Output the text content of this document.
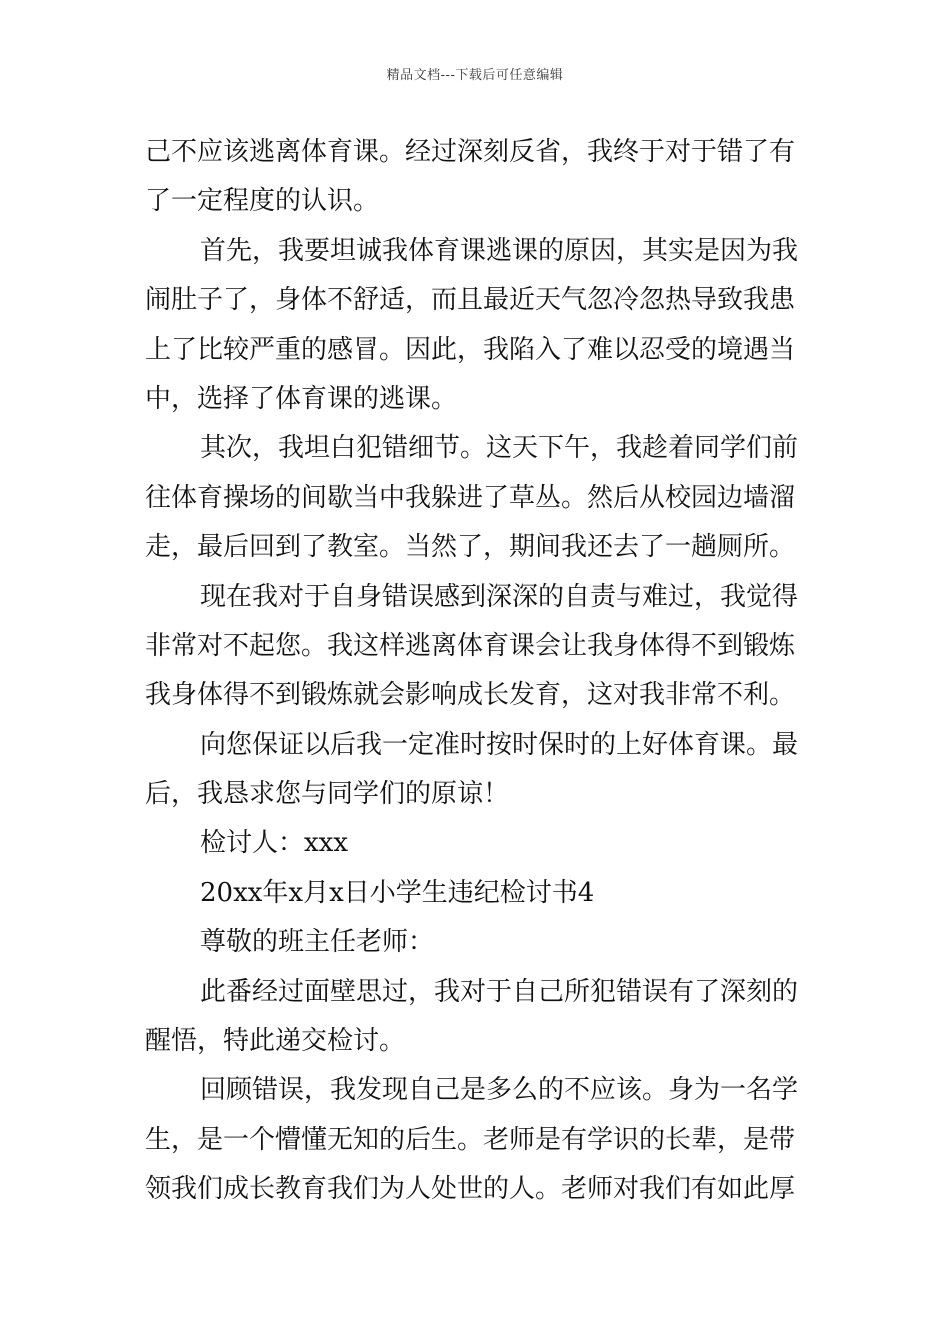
精品文档---下载后可任意编辑
己不应该逃离体育课。经过深刻反省，我终于对于错了有
了一定程度的认识。
首先，我要坦诚我体育课逃课的原因，其实是因为我
闹肚子了，身体不舒适，而且最近天气忽冷忽热导致我患
上了比较严重的感冒。因此，我陷入了难以忍受的境遇当
中，选择了体育课的逃课。
其次，我坦白犯错细节。这天下午，我趁着同学们前
往体育操场的间歇当中我躲进了草丛。然后从校园边墙溜
走，最后回到了教室。当然了，期间我还去了一趟厕所。
现在我对于自身错误感到深深的自责与难过，我觉得
非常对不起您。我这样逃离体育课会让我身体得不到锻炼
我身体得不到锻炼就会影响成长发育，这对我非常不利。
向您保证以后我一定准时按时保时的上好体育课。最
后，我恳求您与同学们的原谅！
检讨人：xxx
20xx年x月x日小学生违纪检讨书4
尊敬的班主任老师：
此番经过面壁思过，我对于自己所犯错误有了深刻的
醒悟，特此递交检讨。
回顾错误，我发现自己是多么的不应该。身为一名学
生，是一个懵懂无知的后生。老师是有学识的长辈，是带
领我们成长教育我们为人处世的人。老师对我们有如此厚
